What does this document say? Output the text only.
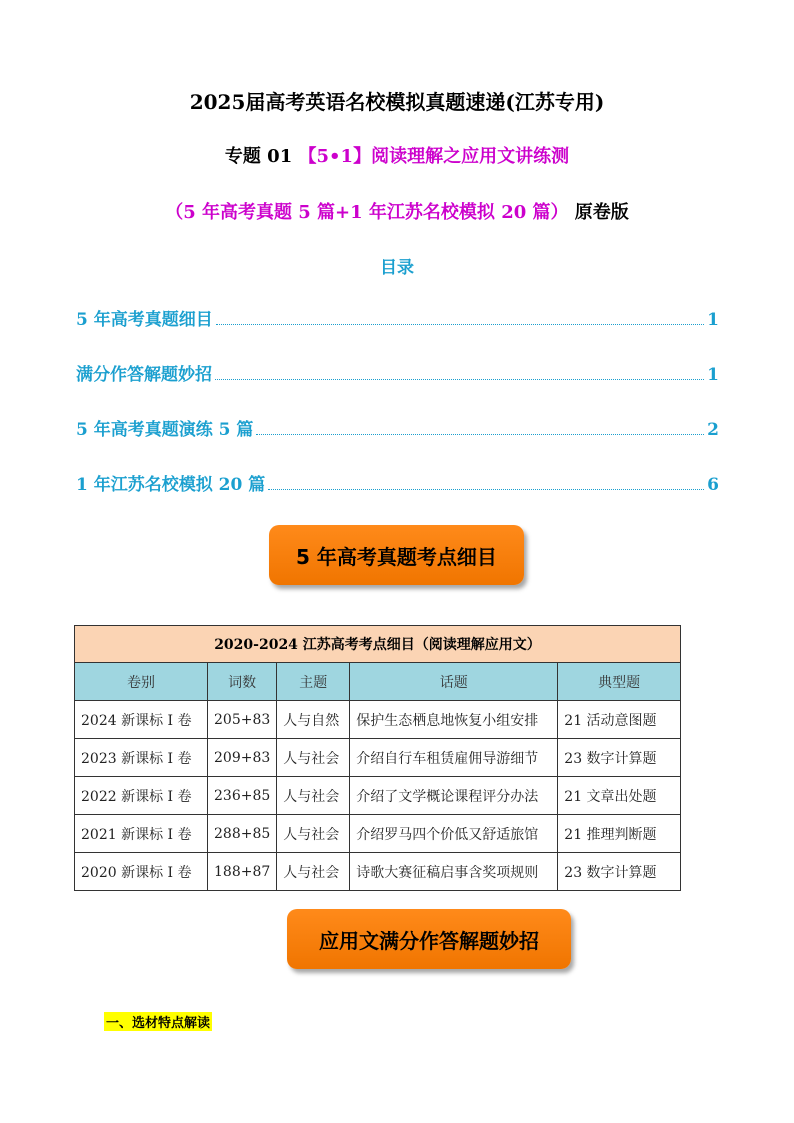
2025届高考英语名校模拟真题速递(江苏专用)
专题 01 【5•1】阅读理解之应用文讲练测
（5 年高考真题 5 篇+1 年江苏名校模拟 20 篇） 原卷版
目录
5 年高考真题细目	1
满分作答解题妙招	1
5 年高考真题演练 5 篇	2
1 年江苏名校模拟 20 篇	6
5 年高考真题考点细目
2020-2024 江苏高考考点细目（阅读理解应用文）				
卷别	词数	主题	话题	典型题
2024 新课标 I 卷	205+83	人与自然	保护生态栖息地恢复小组安排	21 活动意图题
2023 新课标 I 卷	209+83	人与社会	介绍自行车租赁雇佣导游细节	23 数字计算题
2022 新课标 I 卷	236+85	人与社会	介绍了文学概论课程评分办法	21 文章出处题
2021 新课标 I 卷	288+85	人与社会	介绍罗马四个价低又舒适旅馆	21 推理判断题
2020 新课标 I 卷	188+87	人与社会	诗歌大赛征稿启事含奖项规则	23 数字计算题
应用文满分作答解题妙招
一、选材特点解读
